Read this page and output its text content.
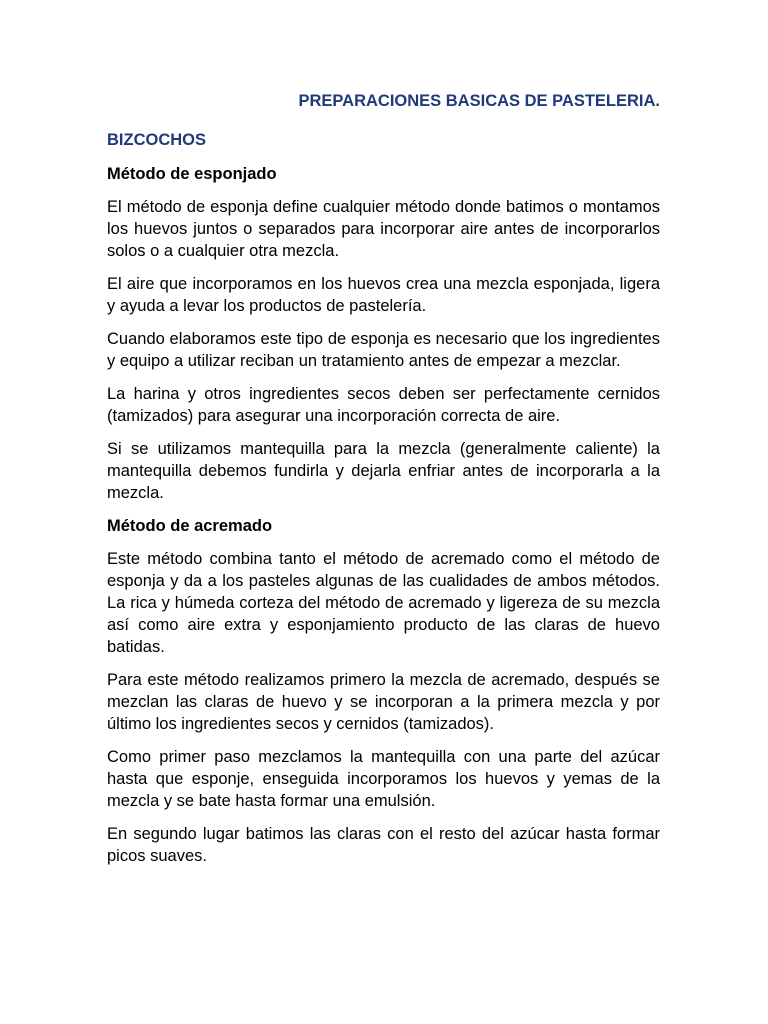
PREPARACIONES BASICAS DE PASTELERIA.
BIZCOCHOS
Método de esponjado

El método de esponja define cualquier método donde batimos o montamos los huevos juntos o separados para incorporar aire antes de incorporarlos solos o a cualquier otra mezcla.

El aire que incorporamos en los huevos crea una mezcla esponjada, ligera y ayuda a levar los productos de pastelería.

Cuando elaboramos este tipo de esponja es necesario que los ingredientes y equipo a utilizar reciban un tratamiento antes de empezar a mezclar.

La harina y otros ingredientes secos deben ser perfectamente cernidos (tamizados) para asegurar una incorporación correcta de aire.

Si se utilizamos mantequilla para la mezcla (generalmente caliente) la mantequilla debemos fundirla y dejarla enfriar antes de incorporarla a la mezcla.

Método de acremado

Este método combina tanto el método de acremado como el método de esponja y da a los pasteles algunas de las cualidades de ambos métodos. La rica y húmeda corteza del método de acremado y ligereza de su mezcla así como aire extra y esponjamiento producto de las claras de huevo batidas.

Para este método realizamos primero la mezcla de acremado, después se mezclan las claras de huevo y se incorporan a la primera mezcla y por último los ingredientes secos y cernidos (tamizados).

Como primer paso mezclamos la mantequilla con una parte del azúcar hasta que esponje, enseguida incorporamos los huevos y yemas de la mezcla y se bate hasta formar una emulsión.

En segundo lugar batimos las claras con el resto del azúcar hasta formar picos suaves.
